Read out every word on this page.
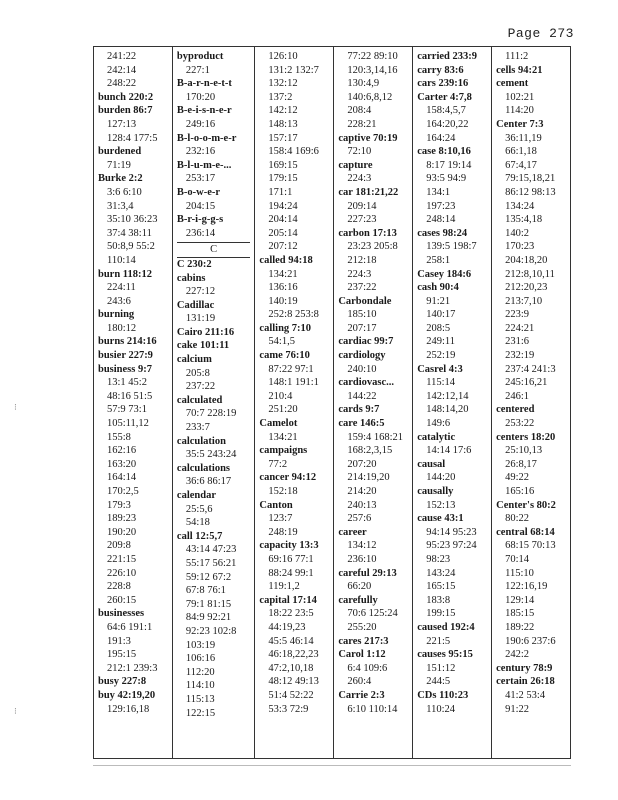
Page 273
⁝
⁝
241:22
242:14
248:22
bunch 220:2
burden 86:7
127:13
128:4 177:5
burdened
71:19
Burke 2:2
3:6 6:10
31:3,4
35:10 36:23
37:4 38:11
50:8,9 55:2
110:14
burn 118:12
224:11
243:6
burning
180:12
burns 214:16
busier 227:9
business 9:7
13:1 45:2
48:16 51:5
57:9 73:1
105:11,12
155:8
162:16
163:20
164:14
170:2,5
179:3
189:23
190:20
209:8
221:15
226:10
228:8
260:15
businesses
64:6 191:1
191:3
195:15
212:1 239:3
busy 227:8
buy 42:19,20
129:16,18
byproduct
227:1
B-a-r-n-e-t-t
170:20
B-e-i-s-n-e-r
249:16
B-l-o-o-m-e-r
232:16
B-l-u-m-e-...
253:17
B-o-w-e-r
204:15
B-r-i-g-g-s
236:14
C
C 230:2
cabins
227:12
Cadillac
131:19
Cairo 211:16
cake 101:11
calcium
205:8
237:22
calculated
70:7 228:19
233:7
calculation
35:5 243:24
calculations
36:6 86:17
calendar
25:5,6
54:18
call 12:5,7
43:14 47:23
55:17 56:21
59:12 67:2
67:8 76:1
79:1 81:15
84:9 92:21
92:23 102:8
103:19
106:16
112:20
114:10
115:13
122:15
126:10
131:2 132:7
132:12
137:2
142:12
148:13
157:17
158:4 169:6
169:15
179:15
171:1
194:24
204:14
205:14
207:12
called 94:18
134:21
136:16
140:19
252:8 253:8
calling 7:10
54:1,5
came 76:10
87:22 97:1
148:1 191:1
210:4
251:20
Camelot
134:21
campaigns
77:2
cancer 94:12
152:18
Canton
123:7
248:19
capacity 13:3
69:16 77:1
88:24 99:1
119:1,2
capital 17:14
18:22 23:5
44:19,23
45:5 46:14
46:18,22,23
47:2,10,18
48:12 49:13
51:4 52:22
53:3 72:9
77:22 89:10
120:3,14,16
130:4,9
140:6,8,12
208:4
228:21
captive 70:19
72:10
capture
224:3
car 181:21,22
209:14
227:23
carbon 17:13
23:23 205:8
212:18
224:3
237:22
Carbondale
185:10
207:17
cardiac 99:7
cardiology
240:10
cardiovasc...
144:22
cards 9:7
care 146:5
159:4 168:21
168:2,3,15
207:20
214:19,20
214:20
240:13
257:6
career
134:12
236:10
careful 29:13
66:20
carefully
70:6 125:24
255:20
cares 217:3
Carol 1:12
6:4 109:6
260:4
Carrie 2:3
6:10 110:14
carried 233:9
carry 83:6
cars 239:16
Carter 4:7,8
158:4,5,7
164:20,22
164:24
case 8:10,16
8:17 19:14
93:5 94:9
134:1
197:23
248:14
cases 98:24
139:5 198:7
258:1
Casey 184:6
cash 90:4
91:21
140:17
208:5
249:11
252:19
Casrel 4:3
115:14
142:12,14
148:14,20
149:6
catalytic
14:14 17:6
causal
144:20
causally
152:13
cause 43:1
94:14 95:23
95:23 97:24
98:23
143:24
165:15
183:8
199:15
caused 192:4
221:5
causes 95:15
151:12
244:5
CDs 110:23
110:24
111:2
cells 94:21
cement
102:21
114:20
Center 7:3
36:11,19
66:1,18
67:4,17
79:15,18,21
86:12 98:13
134:24
135:4,18
140:2
170:23
204:18,20
212:8,10,11
212:20,23
213:7,10
223:9
224:21
231:6
232:19
237:4 241:3
245:16,21
246:1
centered
253:22
centers 18:20
25:10,13
26:8,17
49:22
165:16
Center's 80:2
80:22
central 68:14
68:15 70:13
70:14
115:10
122:16,19
129:14
185:15
189:22
190:6 237:6
242:2
century 78:9
certain 26:18
41:2 53:4
91:22
